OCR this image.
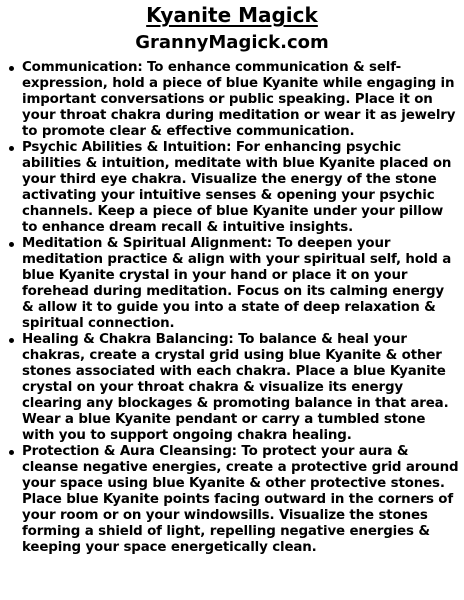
Kyanite Magick
GrannyMagick.com
Communication: To enhance communication & self-expression, hold a piece of blue Kyanite while engaging in important conversations or public speaking. Place it on your throat chakra during meditation or wear it as jewelry to promote clear & effective communication.
Psychic Abilities & Intuition: For enhancing psychic abilities & intuition, meditate with blue Kyanite placed on your third eye chakra. Visualize the energy of the stone activating your intuitive senses & opening your psychic channels. Keep a piece of blue Kyanite under your pillow to enhance dream recall & intuitive insights.
Meditation & Spiritual Alignment: To deepen your meditation practice & align with your spiritual self, hold a blue Kyanite crystal in your hand or place it on your forehead during meditation. Focus on its calming energy & allow it to guide you into a state of deep relaxation & spiritual connection.
Healing & Chakra Balancing: To balance & heal your chakras, create a crystal grid using blue Kyanite & other stones associated with each chakra. Place a blue Kyanite crystal on your throat chakra & visualize its energy clearing any blockages & promoting balance in that area. Wear a blue Kyanite pendant or carry a tumbled stone with you to support ongoing chakra healing.
Protection & Aura Cleansing: To protect your aura & cleanse negative energies, create a protective grid around your space using blue Kyanite & other protective stones. Place blue Kyanite points facing outward in the corners of your room or on your windowsills. Visualize the stones forming a shield of light, repelling negative energies & keeping your space energetically clean.
